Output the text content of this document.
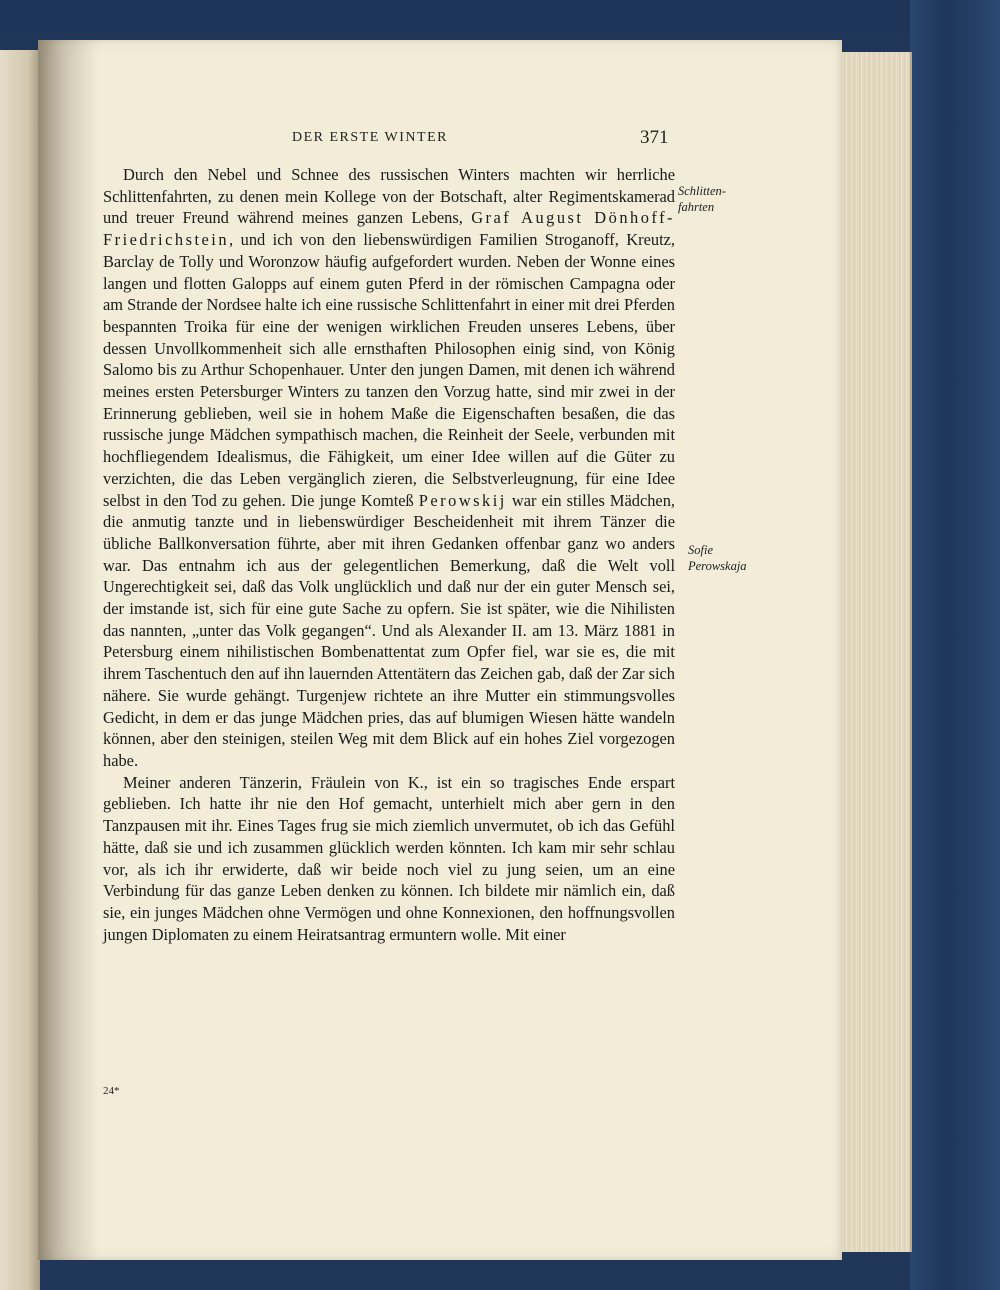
DER ERSTE WINTER	371
Schlitten-
fahrten
Sofie
Perowskaja

Durch den Nebel und Schnee des russischen Winters machten wir herrliche Schlittenfahrten, zu denen mein Kollege von der Botschaft, alter Regimentskamerad und treuer Freund während meines ganzen Lebens, Graf August Dönhoff-Friedrichstein, und ich von den liebenswürdigen Familien Stroganoff, Kreutz, Barclay de Tolly und Woronzow häufig aufgefordert wurden. Neben der Wonne eines langen und flotten Galopps auf einem guten Pferd in der römischen Campagna oder am Strande der Nordsee halte ich eine russische Schlittenfahrt in einer mit drei Pferden bespannten Troika für eine der wenigen wirklichen Freuden unseres Lebens, über dessen Unvollkommenheit sich alle ernsthaften Philosophen einig sind, von König Salomo bis zu Arthur Schopenhauer. Unter den jungen Damen, mit denen ich während meines ersten Petersburger Winters zu tanzen den Vorzug hatte, sind mir zwei in der Erinnerung geblieben, weil sie in hohem Maße die Eigenschaften besaßen, die das russische junge Mädchen sympathisch machen, die Reinheit der Seele, verbunden mit hochfliegendem Idealismus, die Fähigkeit, um einer Idee willen auf die Güter zu verzichten, die das Leben vergänglich zieren, die Selbstverleugnung, für eine Idee selbst in den Tod zu gehen. Die junge Komteß Perowskij war ein stilles Mädchen, die anmutig tanzte und in liebenswürdiger Bescheidenheit mit ihrem Tänzer die übliche Ballkonversation führte, aber mit ihren Gedanken offenbar ganz wo anders war. Das entnahm ich aus der gelegentlichen Bemerkung, daß die Welt voll Ungerechtigkeit sei, daß das Volk unglücklich und daß nur der ein guter Mensch sei, der imstande ist, sich für eine gute Sache zu opfern. Sie ist später, wie die Nihilisten das nannten, „unter das Volk gegangen“. Und als Alexander II. am 13. März 1881 in Petersburg einem nihilistischen Bombenattentat zum Opfer fiel, war sie es, die mit ihrem Taschentuch den auf ihn lauernden Attentätern das Zeichen gab, daß der Zar sich nähere. Sie wurde gehängt. Turgenjew richtete an ihre Mutter ein stimmungsvolles Gedicht, in dem er das junge Mädchen pries, das auf blumigen Wiesen hätte wandeln können, aber den steinigen, steilen Weg mit dem Blick auf ein hohes Ziel vorgezogen habe.

Meiner anderen Tänzerin, Fräulein von K., ist ein so tragisches Ende erspart geblieben. Ich hatte ihr nie den Hof gemacht, unterhielt mich aber gern in den Tanzpausen mit ihr. Eines Tages frug sie mich ziemlich unvermutet, ob ich das Gefühl hätte, daß sie und ich zusammen glücklich werden könnten. Ich kam mir sehr schlau vor, als ich ihr erwiderte, daß wir beide noch viel zu jung seien, um an eine Verbindung für das ganze Leben denken zu können. Ich bildete mir nämlich ein, daß sie, ein junges Mädchen ohne Vermögen und ohne Konnexionen, den hoffnungsvollen jungen Diplomaten zu einem Heiratsantrag ermuntern wolle. Mit einer

24*
